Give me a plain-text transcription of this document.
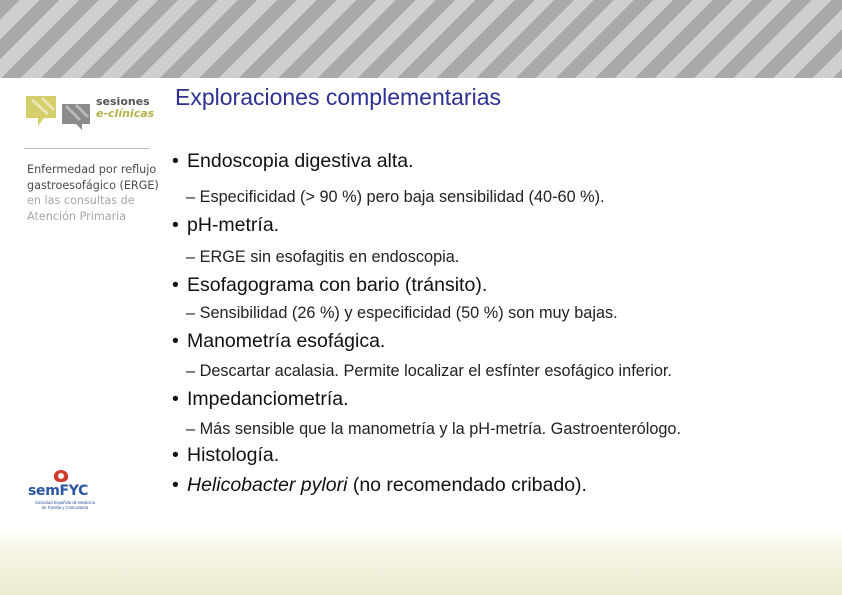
sesiones
e-clínicas
Enfermedad por reflujo
gastroesofágico (ERGE)
en las consultas de
Atención Primaria
semFYC
Sociedad Española de Medicina
de Familia y Comunitaria
Exploraciones complementarias
• Endoscopia digestiva alta.
– Especificidad (> 90 %) pero baja sensibilidad (40-60 %).
• pH-metría.
– ERGE sin esofagitis en endoscopia.
• Esofagograma con bario (tránsito).
– Sensibilidad (26 %) y especificidad (50 %) son muy bajas.
• Manometría esofágica.
– Descartar acalasia. Permite localizar el esfínter esofágico inferior.
• Impedanciometría.
– Más sensible que la manometría y la pH-metría. Gastroenterólogo.
• Histología.
• Helicobacter pylori (no recomendado cribado).
